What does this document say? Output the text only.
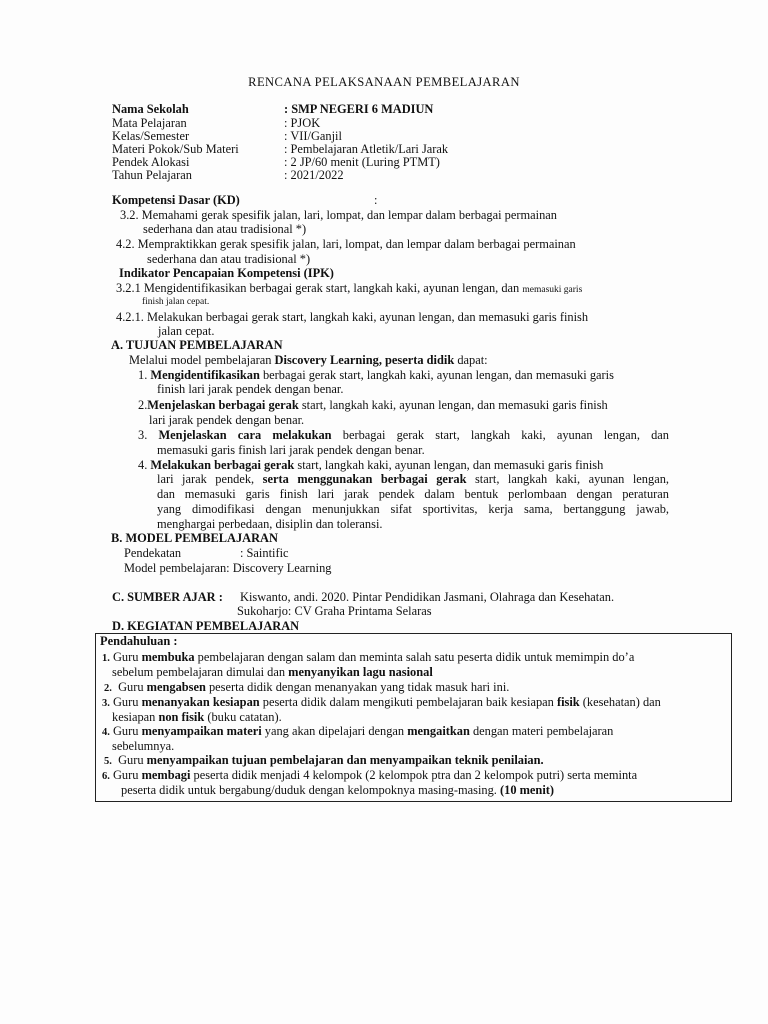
RENCANA PELAKSANAAN PEMBELAJARAN
Nama Sekolah	: SMP NEGERI 6 MADIUN
Mata Pelajaran	: PJOK
Kelas/Semester	: VII/Ganjil
Materi Pokok/Sub Materi	: Pembelajaran Atletik/Lari Jarak
Pendek Alokasi	: 2 JP/60 menit (Luring PTMT)
Tahun Pelajaran	: 2021/2022
Kompetensi Dasar (KD)	:
3.2. Memahami gerak spesifik jalan, lari, lompat, dan lempar dalam berbagai permainan
sederhana dan atau tradisional *)
4.2. Mempraktikkan gerak spesifik jalan, lari, lompat, dan lempar dalam berbagai permainan
sederhana dan atau tradisional *)
Indikator Pencapaian Kompetensi (IPK)
3.2.1 Mengidentifikasikan berbagai gerak start, langkah kaki, ayunan lengan, dan memasuki garis
finish jalan cepat.
4.2.1. Melakukan berbagai gerak start, langkah kaki, ayunan lengan, dan memasuki garis finish
jalan cepat.
A. TUJUAN PEMBELAJARAN
Melalui model pembelajaran Discovery Learning, peserta didik dapat:
1. Mengidentifikasikan berbagai gerak start, langkah kaki, ayunan lengan, dan memasuki garis
finish lari jarak pendek dengan benar.
2.Menjelaskan berbagai gerak start, langkah kaki, ayunan lengan, dan memasuki garis finish
lari jarak pendek dengan benar.
3. Menjelaskan cara melakukan berbagai gerak start, langkah kaki, ayunan lengan, dan
memasuki garis finish lari jarak pendek dengan benar.
4. Melakukan berbagai gerak start, langkah kaki, ayunan lengan, dan memasuki garis finish
lari jarak pendek, serta menggunakan berbagai gerak start, langkah kaki, ayunan lengan,
dan memasuki garis finish lari jarak pendek dalam bentuk perlombaan dengan peraturan
yang dimodifikasi dengan menunjukkan sifat sportivitas, kerja sama, bertanggung jawab,
menghargai perbedaan, disiplin dan toleransi.
B. MODEL PEMBELAJARAN
Pendekatan	: Saintific
Model pembelajaran: Discovery Learning
C. SUMBER AJAR : Kiswanto, andi. 2020. Pintar Pendidikan Jasmani, Olahraga dan Kesehatan.
Sukoharjo: CV Graha Printama Selaras
D. KEGIATAN PEMBELAJARAN
Pendahuluan :
1. Guru membuka pembelajaran dengan salam dan meminta salah satu peserta didik untuk memimpin do’a
sebelum pembelajaran dimulai dan menyanyikan lagu nasional
2. Guru mengabsen peserta didik dengan menanyakan yang tidak masuk hari ini.
3. Guru menanyakan kesiapan peserta didik dalam mengikuti pembelajaran baik kesiapan fisik (kesehatan) dan
kesiapan non fisik (buku catatan).
4. Guru menyampaikan materi yang akan dipelajari dengan mengaitkan dengan materi pembelajaran
sebelumnya.
5. Guru menyampaikan tujuan pembelajaran dan menyampaikan teknik penilaian.
6. Guru membagi peserta didik menjadi 4 kelompok (2 kelompok ptra dan 2 kelompok putri) serta meminta
peserta didik untuk bergabung/duduk dengan kelompoknya masing-masing. (10 menit)
